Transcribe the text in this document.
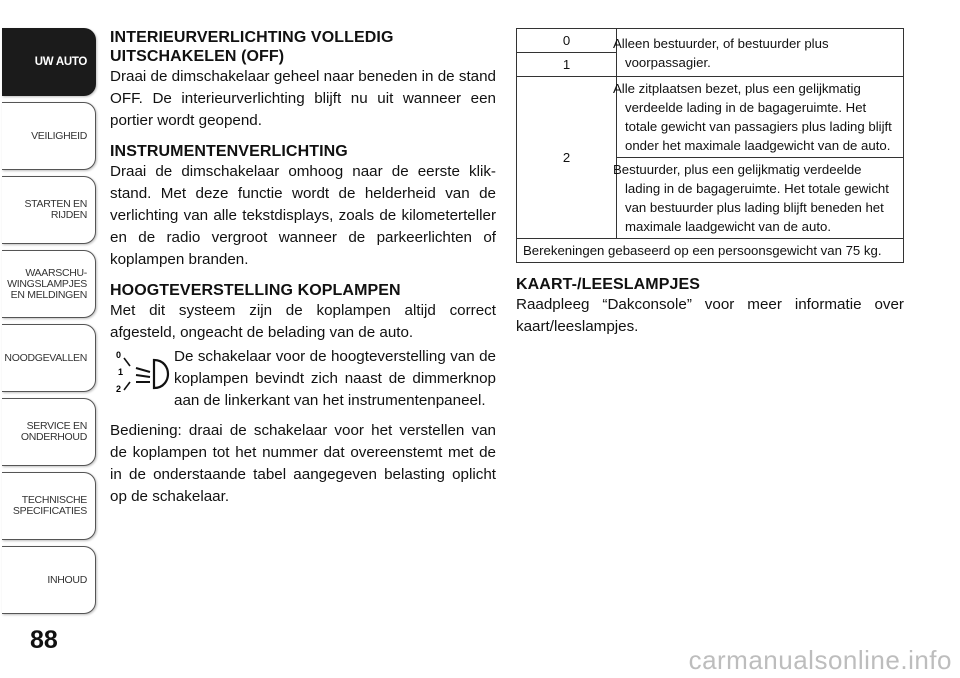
UW AUTO
VEILIGHEID
STARTEN EN
RIJDEN
WAARSCHU-
WINGSLAMPJES
EN MELDINGEN
NOODGEVALLEN
SERVICE EN
ONDERHOUD
TECHNISCHE
SPECIFICATIES
INHOUD
88

INTERIEURVERLICHTING VOLLEDIG

UITSCHAKELEN (OFF)

Draai de dimschakelaar geheel naar beneden in de stand OFF. De interieurverlichting blijft nu uit wanneer een portier wordt geopend.

INSTRUMENTENVERLICHTING

Draai de dimschakelaar omhoog naar de eerste klik-stand. Met deze functie wordt de helderheid van de verlichting van alle tekstdisplays, zoals de kilometerteller en de radio vergroot wanneer de parkeerlichten of koplampen branden.

HOOGTEVERSTELLING KOPLAMPEN

Met dit systeem zijn de koplampen altijd correct afgesteld, ongeacht de belading van de auto.

0
1
2
De schakelaar voor de hoogteverstelling van de koplampen bevindt zich naast de dimmerknop aan de linkerkant van het instrumentenpaneel.

Bediening: draai de schakelaar voor het verstellen van de koplampen tot het nummer dat overeenstemt met de in de onderstaande tabel aangegeven belasting oplicht op de schakelaar.

0	Alleen bestuurder, of bestuurder plus voorpassagier.

1	
2	Alle zitplaatsen bezet, plus een gelijkmatig verdeelde lading in de bagageruimte. Het totale gewicht van passagiers plus lading blijft onder het maximale laadgewicht van de auto.

	Bestuurder, plus een gelijkmatig verdeelde lading in de bagageruimte. Het totale gewicht van bestuurder plus lading blijft beneden het maximale laadgewicht van de auto.

Berekeningen gebaseerd op een persoonsgewicht van 75 kg.	

KAART-/LEESLAMPJES

Raadpleeg “Dakconsole” voor meer informatie over kaart/leeslampjes.

carmanualsonline.info
